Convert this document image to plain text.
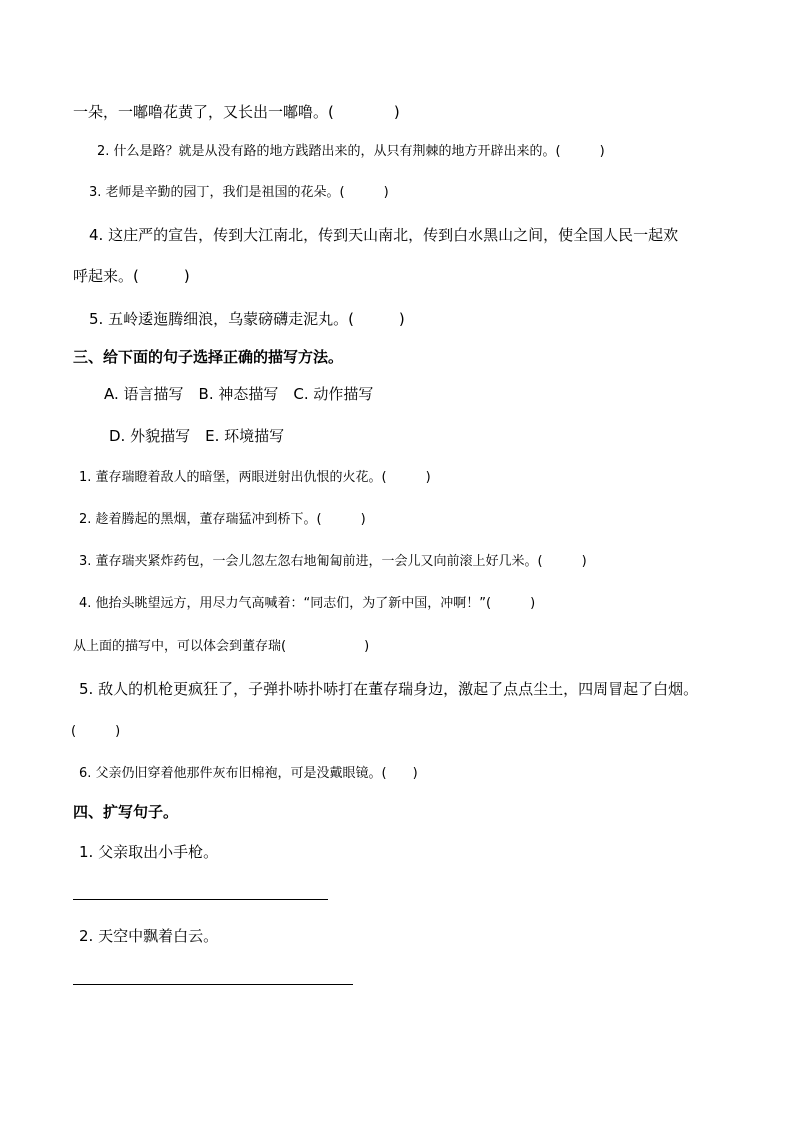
一朵，一嘟噜花黄了，又长出一嘟噜。(　　　　)
2. 什么是路？就是从没有路的地方践踏出来的，从只有荆棘的地方开辟出来的。(　　　)
3. 老师是辛勤的园丁，我们是祖国的花朵。(　　　)
4. 这庄严的宣告，传到大江南北，传到天山南北，传到白水黑山之间，使全国人民一起欢
呼起来。(　　　)
5. 五岭逶迤腾细浪，乌蒙磅礴走泥丸。(　　　)
三、给下面的句子选择正确的描写方法。
A. 语言描写　B. 神态描写　C. 动作描写
D. 外貌描写　E. 环境描写
1. 董存瑞瞪着敌人的暗堡，两眼迸射出仇恨的火花。(　　　)
2. 趁着腾起的黑烟，董存瑞猛冲到桥下。(　　　)
3. 董存瑞夹紧炸药包，一会儿忽左忽右地匍匐前进，一会儿又向前滚上好几米。(　　　)
4. 他抬头眺望远方，用尽力气高喊着：“同志们，为了新中国，冲啊！”(　　　)
从上面的描写中，可以体会到董存瑞(　　　　　　)
5. 敌人的机枪更疯狂了，子弹扑哧扑哧打在董存瑞身边，激起了点点尘土，四周冒起了白烟。
(　　　)
6. 父亲仍旧穿着他那件灰布旧棉袍，可是没戴眼镜。(　　)
四、扩写句子。
1. 父亲取出小手枪。
2. 天空中飘着白云。
